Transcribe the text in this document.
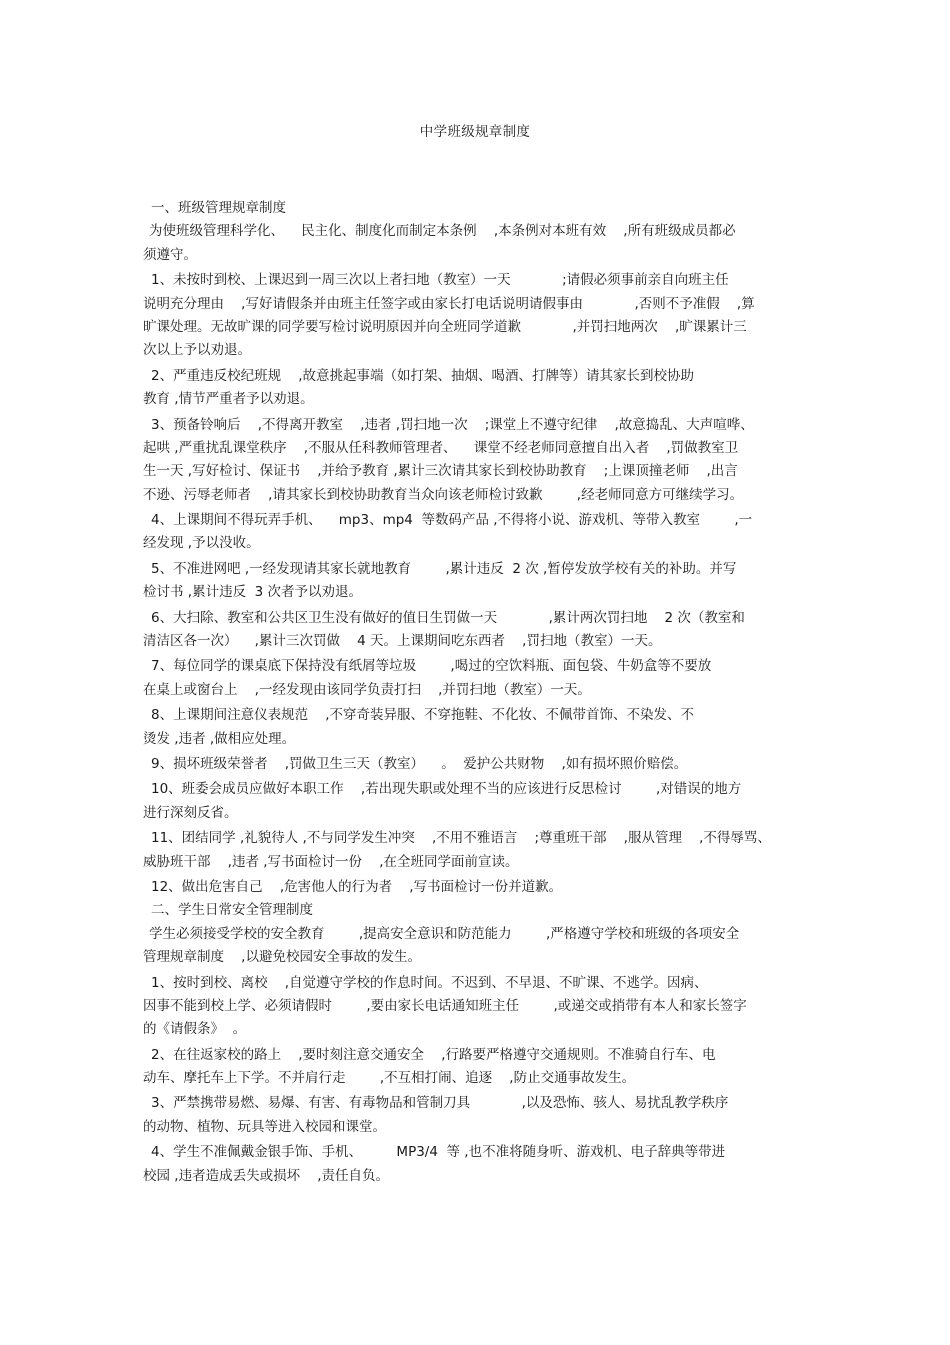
中学班级规章制度
一、班级管理规章制度
为使班级管理科学化、    民主化、制度化而制定本条例    ,本条例对本班有效    ,所有班级成员都必
须遵守。
1、未按时到校、上课迟到一周三次以上者扫地（教室）一天            ;请假必须事前亲自向班主任
说明充分理由    ,写好请假条并由班主任签字或由家长打电话说明请假事由            ,否则不予准假    ,算
旷课处理。无故旷课的同学要写检讨说明原因并向全班同学道歉            ,并罚扫地两次    ,旷课累计三
次以上予以劝退。
2、严重违反校纪班规    ,故意挑起事端（如打架、抽烟、喝酒、打牌等）请其家长到校协助
教育 ,情节严重者予以劝退。
3、预备铃响后    ,不得离开教室    ,违者 ,罚扫地一次    ;课堂上不遵守纪律    ,故意捣乱、大声喧哗、
起哄 ,严重扰乱课堂秩序    ,不服从任科教师管理者、    课堂不经老师同意擅自出入者    ,罚做教室卫
生一天 ,写好检讨、保证书    ,并给予教育 ,累计三次请其家长到校协助教育    ;上课顶撞老师    ,出言
不逊、污辱老师者    ,请其家长到校协助教育当众向该老师检讨致歉        ,经老师同意方可继续学习。
4、上课期间不得玩弄手机、    mp3、mp4  等数码产品 ,不得将小说、游戏机、等带入教室        ,一
经发现 ,予以没收。
5、不准进网吧 ,一经发现请其家长就地教育        ,累计违反  2 次 ,暂停发放学校有关的补助。并写
检讨书 ,累计违反  3 次者予以劝退。
6、大扫除、教室和公共区卫生没有做好的值日生罚做一天            ,累计两次罚扫地    2 次（教室和
清洁区各一次）    ,累计三次罚做    4 天。上课期间吃东西者    ,罚扫地（教室）一天。
7、每位同学的课桌底下保持没有纸屑等垃圾        ,喝过的空饮料瓶、面包袋、牛奶盒等不要放
在桌上或窗台上    ,一经发现由该同学负责打扫    ,并罚扫地（教室）一天。
8、上课期间注意仪表规范    ,不穿奇装异服、不穿拖鞋、不化妆、不佩带首饰、不染发、不
烫发 ,违者 ,做相应处理。
9、损坏班级荣誉者    ,罚做卫生三天（教室）    。  爱护公共财物    ,如有损坏照价赔偿。
10、班委会成员应做好本职工作    ,若出现失职或处理不当的应该进行反思检讨        ,对错误的地方
进行深刻反省。
11、团结同学 ,礼貌待人 ,不与同学发生冲突    ,不用不雅语言    ;尊重班干部    ,服从管理    ,不得辱骂、
威胁班干部    ,违者 ,写书面检讨一份    ,在全班同学面前宣读。
12、做出危害自己    ,危害他人的行为者    ,写书面检讨一份并道歉。
二、学生日常安全管理制度
学生必须接受学校的安全教育        ,提高安全意识和防范能力        ,严格遵守学校和班级的各项安全
管理规章制度    ,以避免校园安全事故的发生。
1、按时到校、离校    ,自觉遵守学校的作息时间。不迟到、不早退、不旷课、不逃学。因病、
因事不能到校上学、必须请假时        ,要由家长电话通知班主任        ,或递交或捎带有本人和家长签字
的《请假条》  。
2、在往返家校的路上    ,要时刻注意交通安全    ,行路要严格遵守交通规则。不准骑自行车、电
动车、摩托车上下学。不并肩行走        ,不互相打闹、追逐    ,防止交通事故发生。
3、严禁携带易燃、易爆、有害、有毒物品和管制刀具            ,以及恐怖、骇人、易扰乱教学秩序
的动物、植物、玩具等进入校园和课堂。
4、学生不准佩戴金银手饰、手机、        MP3/4  等 ,也不准将随身听、游戏机、电子辞典等带进
校园 ,违者造成丢失或损坏    ,责任自负。
